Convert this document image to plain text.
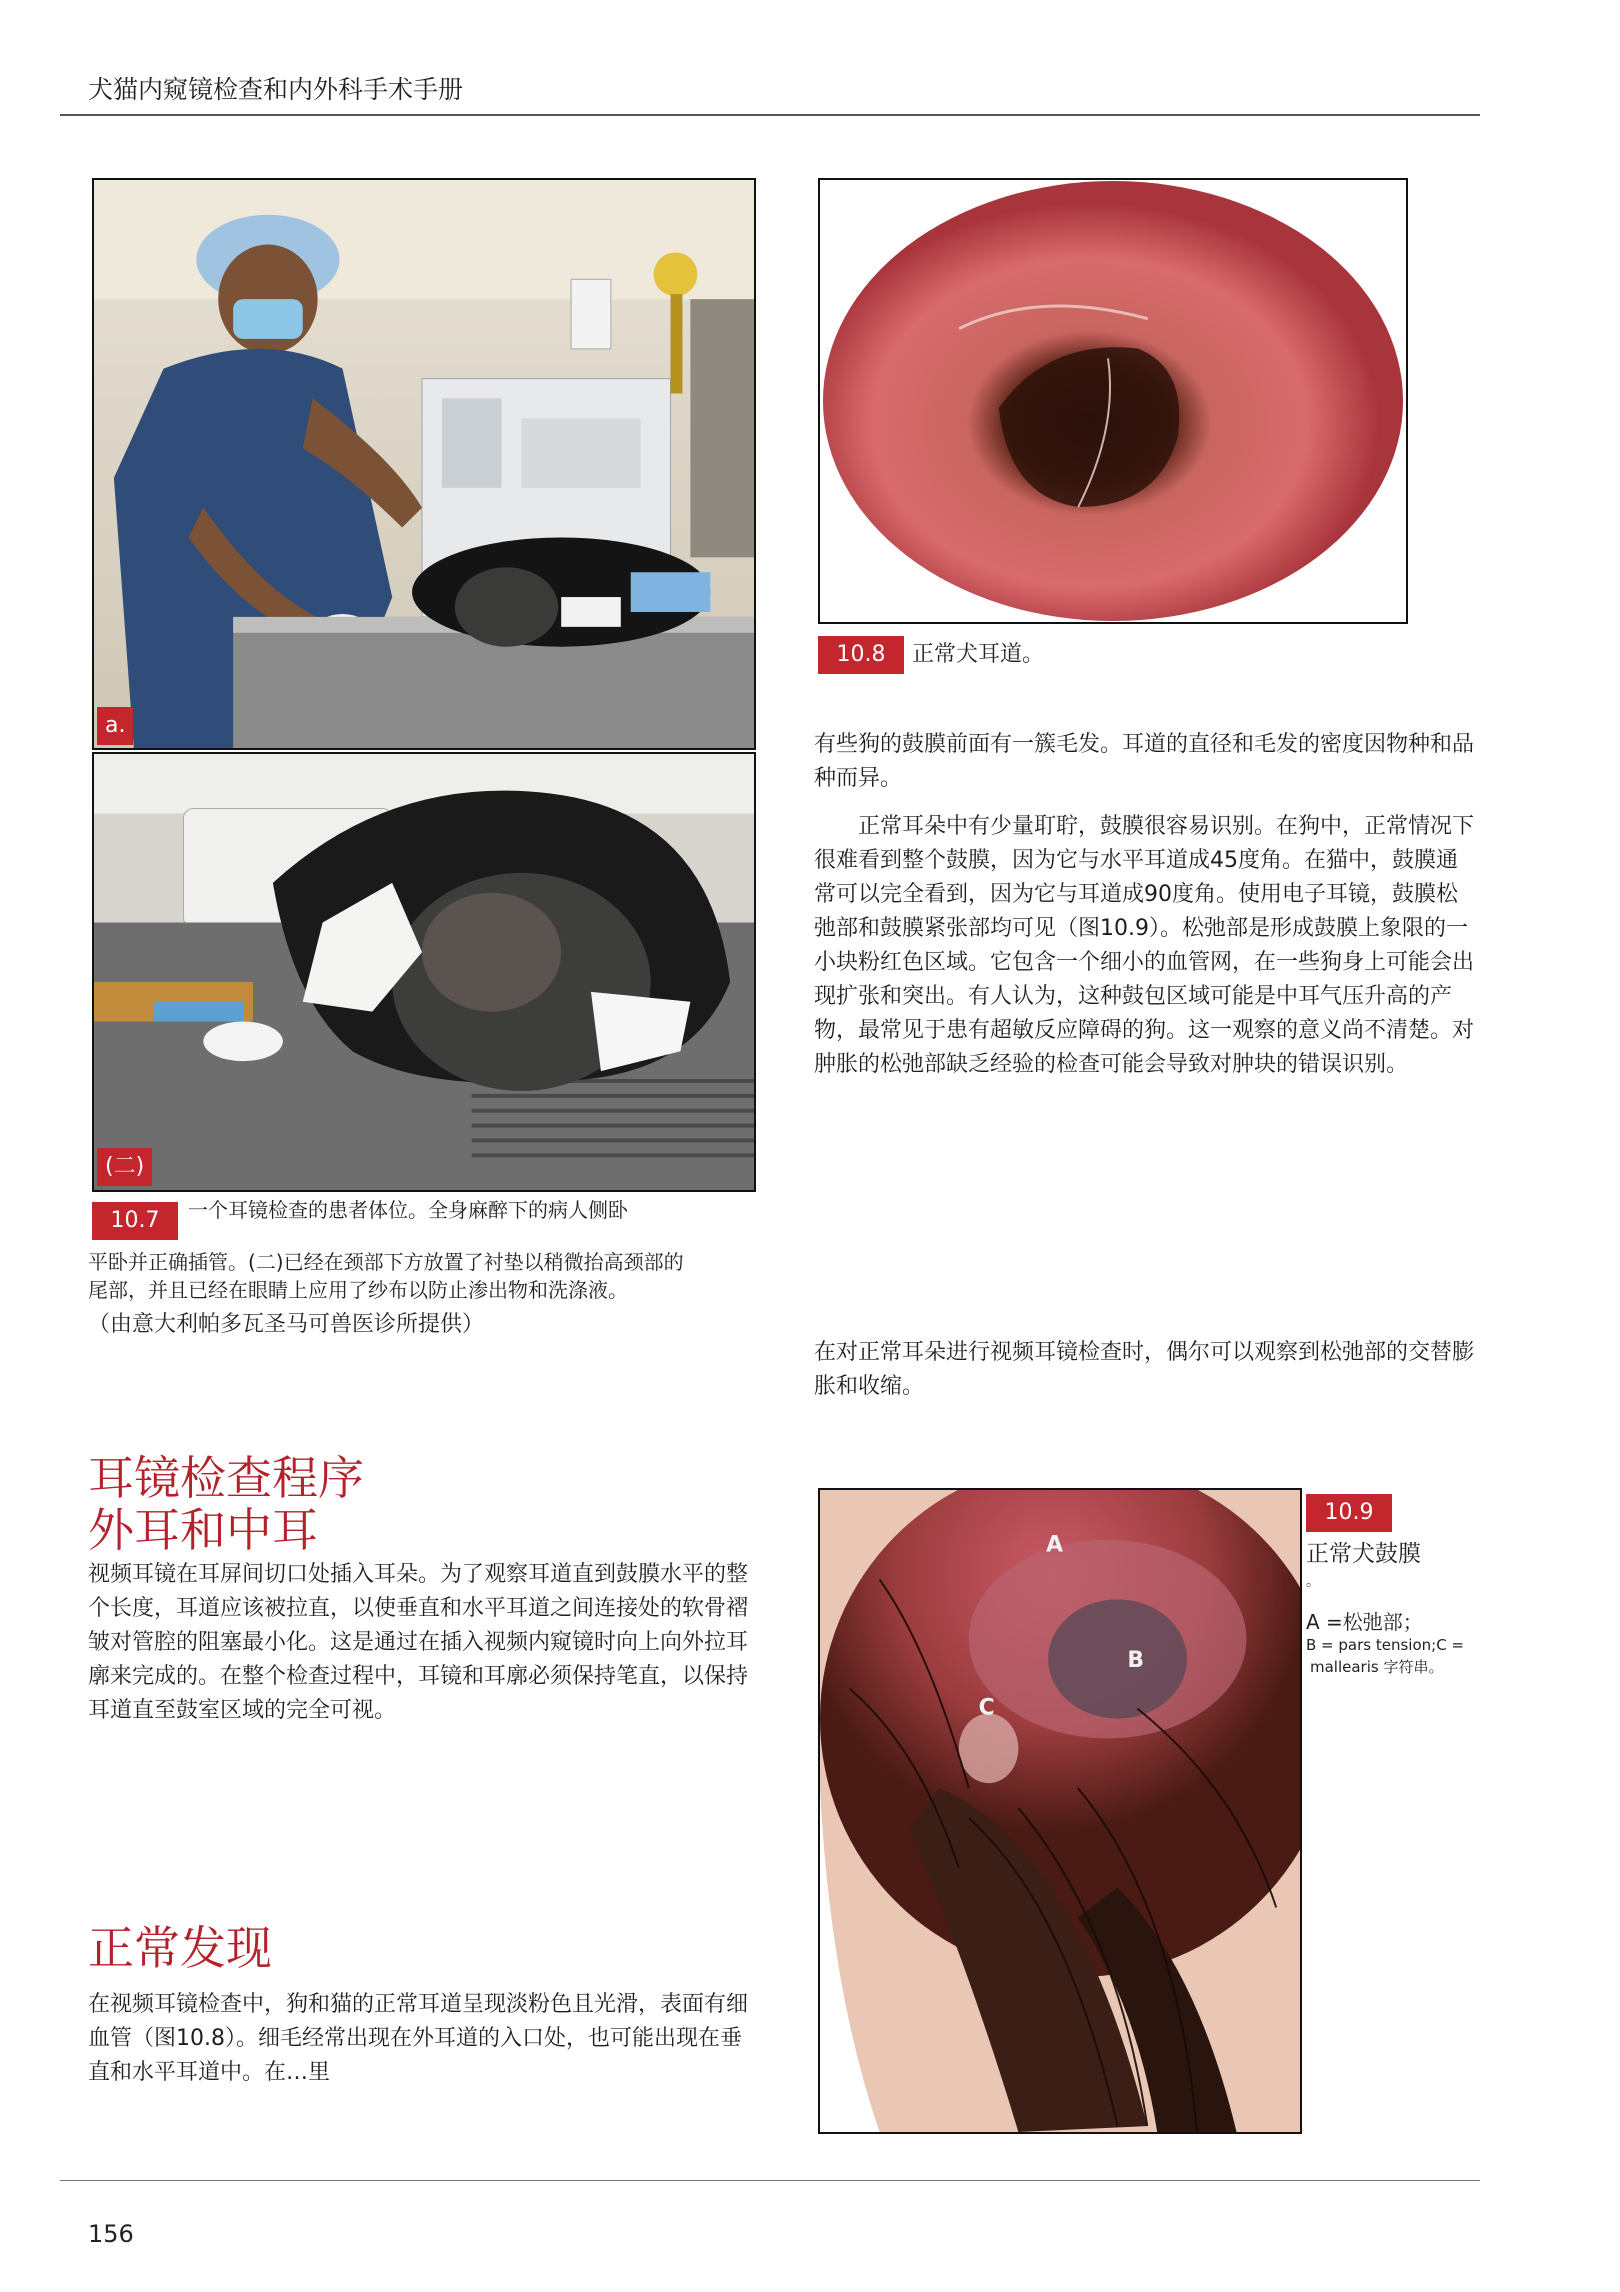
犬猫内窥镜检查和内外科手术手册
a.
(二)
10.7	一个耳镜检查的患者体位。全身麻醉下的病人侧卧
平卧并正确插管。(二)已经在颈部下方放置了衬垫以稍微抬高颈部的
尾部，并且已经在眼睛上应用了纱布以防止渗出物和洗涤液。
（由意大利帕多瓦圣马可兽医诊所提供）
10.8	正常犬耳道。

有些狗的鼓膜前面有一簇毛发。耳道的直径和毛发的密度因物种和品种而异。

正常耳朵中有少量耵聍，鼓膜很容易识别。在狗中，正常情况下很难看到整个鼓膜，因为它与水平耳道成45度角。在猫中，鼓膜通常可以完全看到，因为它与耳道成90度角。使用电子耳镜，鼓膜松弛部和鼓膜紧张部均可见（图10.9）。松弛部是形成鼓膜上象限的一小块粉红色区域。它包含一个细小的血管网，在一些狗身上可能会出现扩张和突出。有人认为，这种鼓包区域可能是中耳气压升高的产物，最常见于患有超敏反应障碍的狗。这一观察的意义尚不清楚。对肿胀的松弛部缺乏经验的检查可能会导致对肿块的错误识别。

在对正常耳朵进行视频耳镜检查时，偶尔可以观察到松弛部的交替膨胀和收缩。
耳镜检查程序
外耳和中耳
视频耳镜在耳屏间切口处插入耳朵。为了观察耳道直到鼓膜水平的整个长度，耳道应该被拉直，以使垂直和水平耳道之间连接处的软骨褶皱对管腔的阻塞最小化。这是通过在插入视频内窥镜时向上向外拉耳廓来完成的。在整个检查过程中，耳镜和耳廓必须保持笔直，以保持耳道直至鼓室区域的完全可视。
正常发现
在视频耳镜检查中，狗和猫的正常耳道呈现淡粉色且光滑，表面有细血管（图10.8）。细毛经常出现在外耳道的入口处，也可能出现在垂直和水平耳道中。在…里
A
B
C
10.9
正常犬鼓膜
。
A =松弛部；
B = pars tension;C =
mallearis 字符串。
156
